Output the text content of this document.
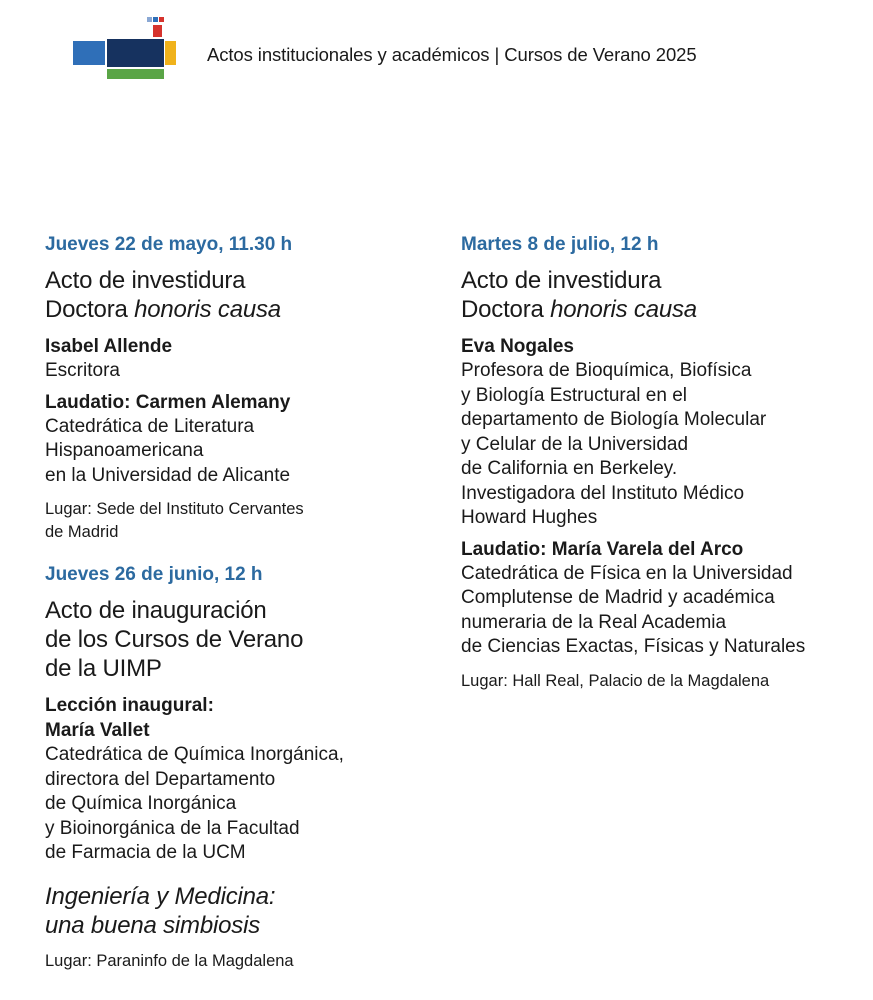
Actos institucionales y académicos | Cursos de Verano 2025
Jueves 22 de mayo, 11.30 h
Acto de investidura
Doctora honoris causa
Isabel Allende
Escritora
Laudatio: Carmen Alemany
Catedrática de Literatura
Hispanoamericana
en la Universidad de Alicante
Lugar: Sede del Instituto Cervantes
de Madrid
Jueves 26 de junio, 12 h
Acto de inauguración
de los Cursos de Verano
de la UIMP
Lección inaugural:
María Vallet
Catedrática de Química Inorgánica,
directora del Departamento
de Química Inorgánica
y Bioinorgánica de la Facultad
de Farmacia de la UCM
Ingeniería y Medicina:
una buena simbiosis
Lugar: Paraninfo de la Magdalena
Martes 8 de julio, 12 h
Acto de investidura
Doctora honoris causa
Eva Nogales
Profesora de Bioquímica, Biofísica
y Biología Estructural en el
departamento de Biología Molecular
y Celular de la Universidad
de California en Berkeley.
Investigadora del Instituto Médico
Howard Hughes
Laudatio: María Varela del Arco
Catedrática de Física en la Universidad
Complutense de Madrid y académica
numeraria de la Real Academia
de Ciencias Exactas, Físicas y Naturales
Lugar: Hall Real, Palacio de la Magdalena
